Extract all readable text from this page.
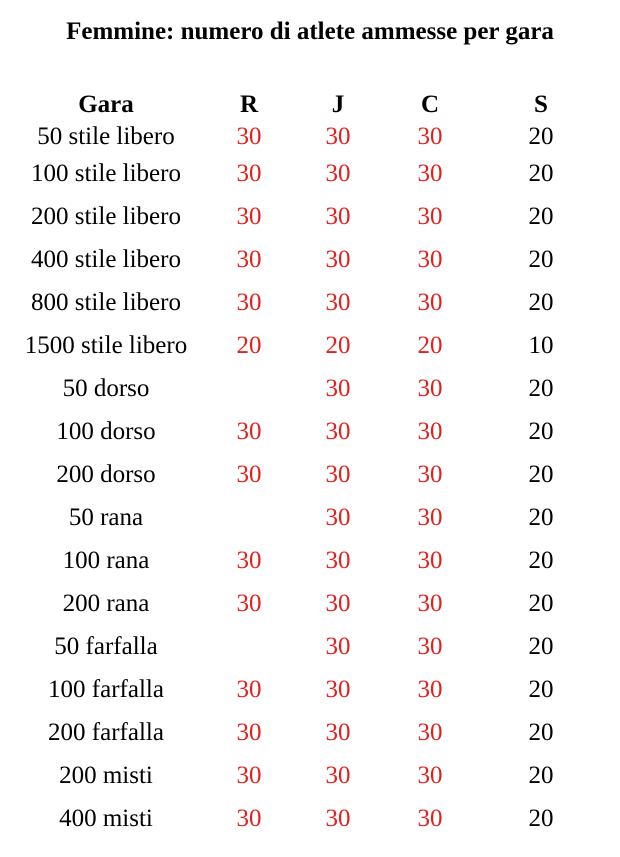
Femmine: numero di atlete ammesse per gara
Gara	R	J	C	S
50 stile libero	30	30	30	20
100 stile libero	30	30	30	20
200 stile libero	30	30	30	20
400 stile libero	30	30	30	20
800 stile libero	30	30	30	20
1500 stile libero	20	20	20	10
50 dorso		30	30	20
100 dorso	30	30	30	20
200 dorso	30	30	30	20
50 rana		30	30	20
100 rana	30	30	30	20
200 rana	30	30	30	20
50 farfalla		30	30	20
100 farfalla	30	30	30	20
200 farfalla	30	30	30	20
200 misti	30	30	30	20
400 misti	30	30	30	20
